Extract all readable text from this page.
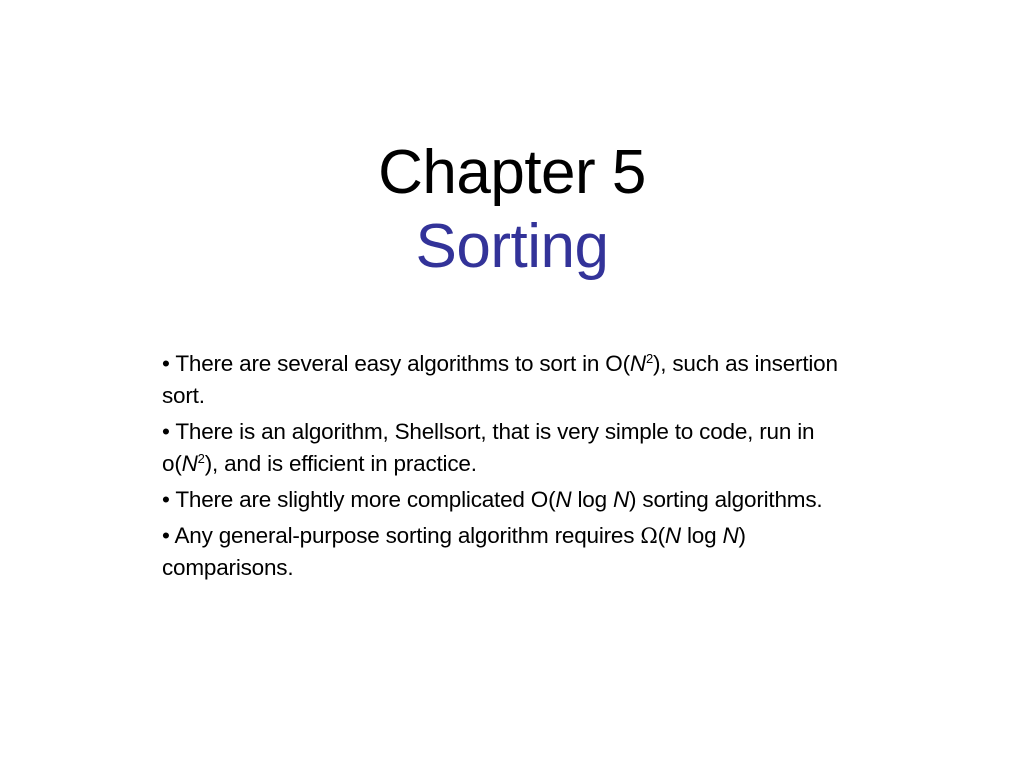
Chapter 5
Sorting
• There are several easy algorithms to sort in $O(N^2)$, such as insertion sort.
• There is an algorithm, Shellsort, that is very simple to code, run in $o(N^2)$, and is efficient in practice.
• There are slightly more complicated O(N log N) sorting algorithms.
• Any general-purpose sorting algorithm requires Ω(N log N) comparisons.
